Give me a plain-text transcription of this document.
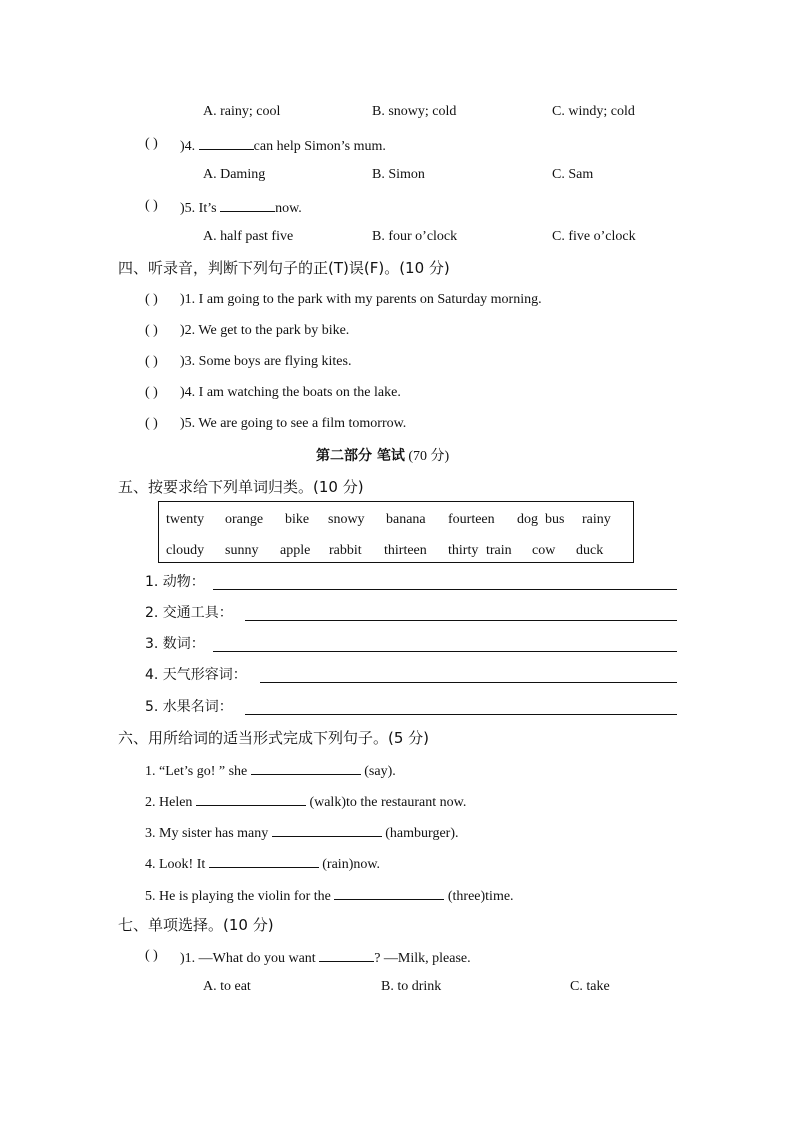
A. rainy; cool	B. snowy; cold	C. windy; cold
( ) )4.	can help Simon’s mum.
A. Daming	B. Simon	C. Sam
( ) )5. It’s	now.
A. half past five	B. four o’clock	C. five o’clock
四、听录音，判断下列句子的正(T)误(F)。(10 分)
( ) )1. I am going to the park with my parents on Saturday morning.
( ) )2. We get to the park by bike.
( ) )3. Some boys are flying kites.
( ) )4. I am watching the boats on the lake.
( ) )5. We are going to see a film tomorrow.
第二部分 笔试 (70 分)
五、按要求给下列单词归类。(10 分)
twenty orange bike snowy banana fourteen dog bus rainy
cloudy sunny apple rabbit thirteen thirty train cow duck
1. 动物：
2. 交通工具：
3. 数词：
4. 天气形容词：
5. 水果名词：
六、用所给词的适当形式完成下列句子。(5 分)
1. “Let’s go! ” she	(say).
2. Helen	(walk)to the restaurant now.
3. My sister has many	(hamburger).
4. Look! It	(rain)now.
5. He is playing the violin for the	(three)time.
七、单项选择。(10 分)
( ) )1. —What do you want	? —Milk, please.
A. to eat	B. to drink	C. take
